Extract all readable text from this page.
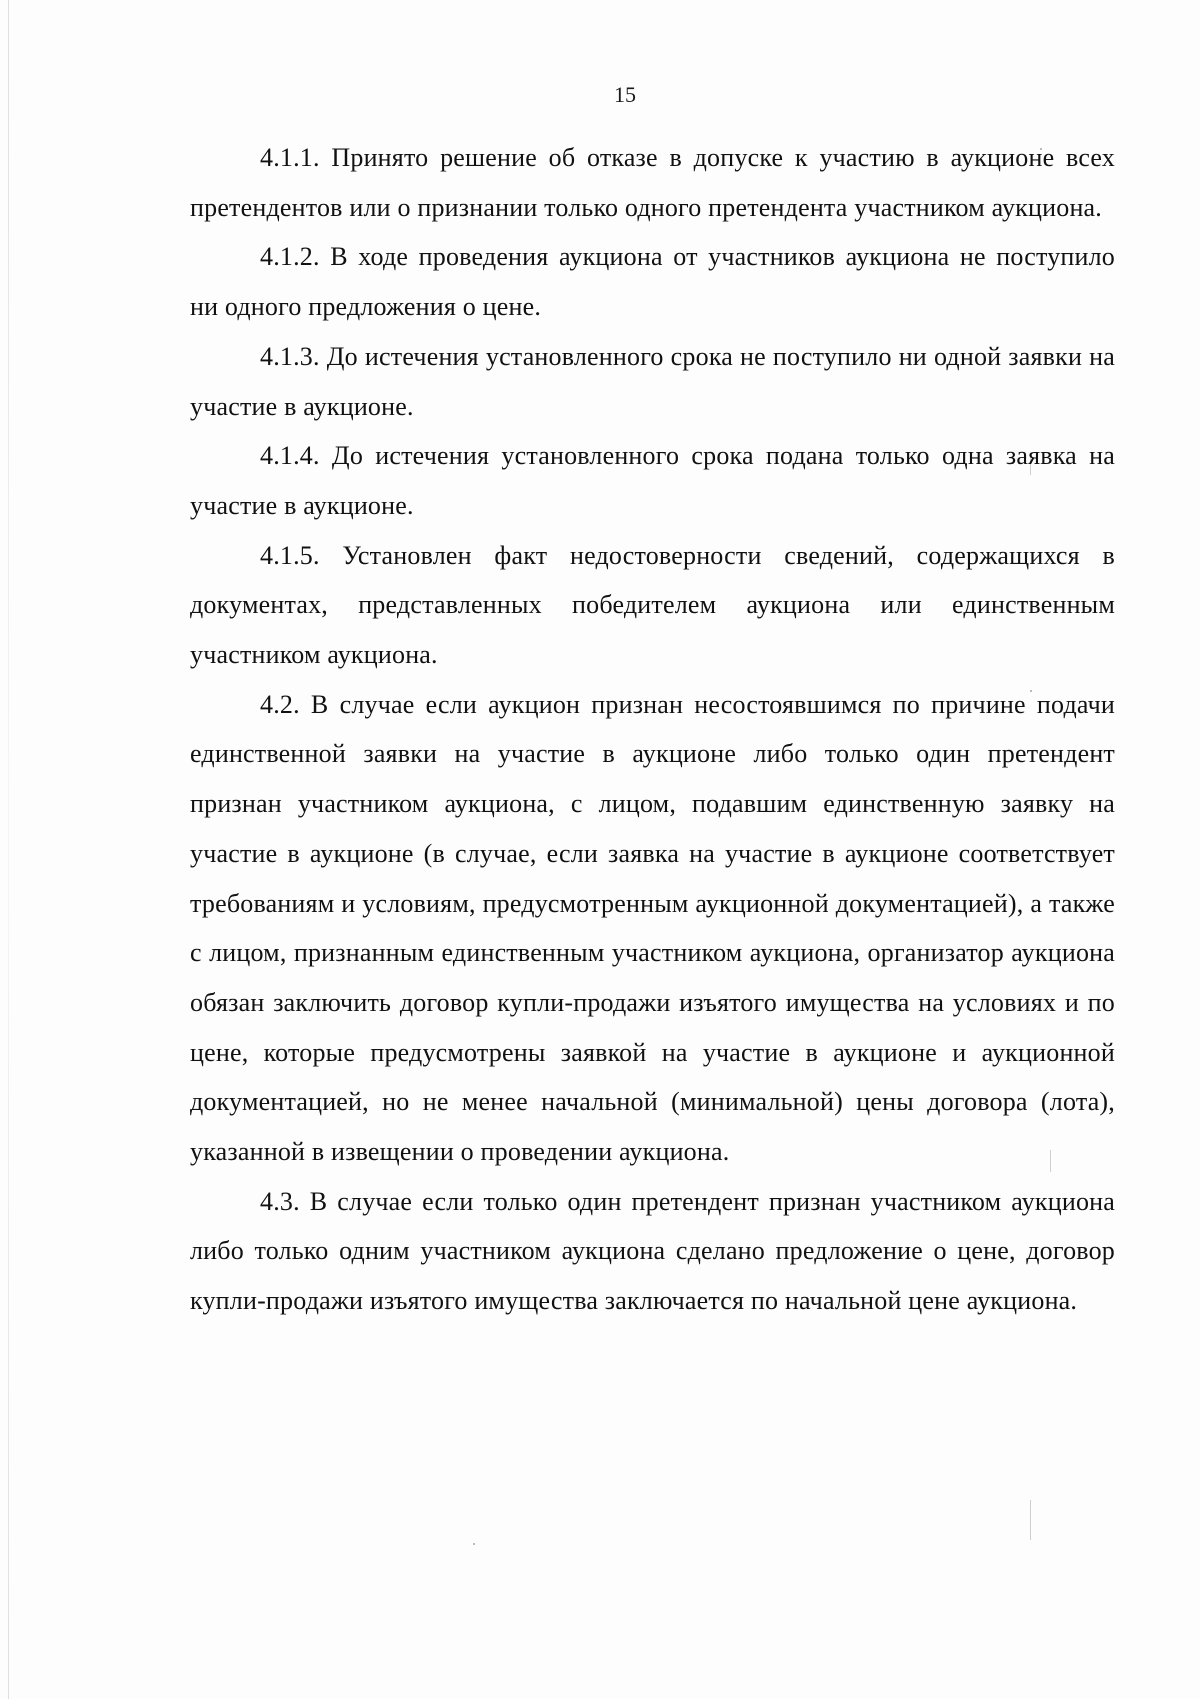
15

4.1.1. Принято решение об отказе в допуске к участию в аукционе всех претендентов или о признании только одного претендента участником аукциона.

4.1.2. В ходе проведения аукциона от участников аукциона не поступило ни одного предложения о цене.

4.1.3. До истечения установленного срока не поступило ни одной заявки на участие в аукционе.

4.1.4. До истечения установленного срока подана только одна заявка на участие в аукционе.

4.1.5. Установлен факт недостоверности сведений, содержащихся в документах, представленных победителем аукциона или единственным участником аукциона.

4.2. В случае если аукцион признан несостоявшимся по причине подачи единственной заявки на участие в аукционе либо только один претендент признан участником аукциона, с лицом, подавшим единственную заявку на участие в аукционе (в случае, если заявка на участие в аукционе соответствует требованиям и условиям, предусмотренным аукционной документацией), а также с лицом, признанным единственным участником аукциона, организатор аукциона обязан заключить договор купли-продажи изъятого имущества на условиях и по цене, которые предусмотрены заявкой на участие в аукционе и аукционной документацией, но не менее начальной (минимальной) цены договора (лота), указанной в извещении о проведении аукциона.

4.3. В случае если только один претендент признан участником аукциона либо только одним участником аукциона сделано предложение о цене, договор купли-продажи изъятого имущества заключается по начальной цене аукциона.
